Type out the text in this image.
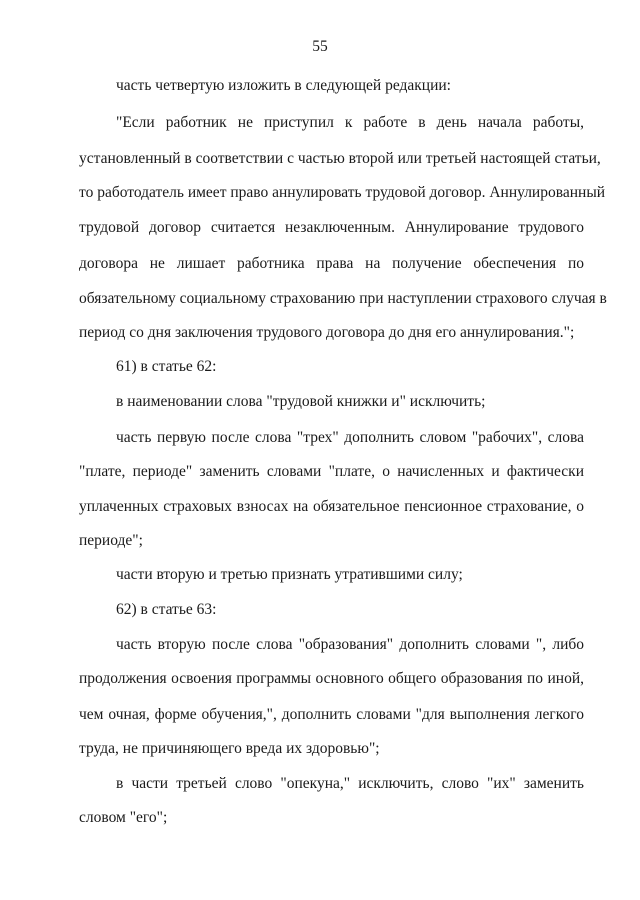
55
часть четвертую изложить в следующей редакции:
"Если работник не приступил к работе в день начала работы,
установленный в соответствии с частью второй или третьей настоящей статьи,
то работодатель имеет право аннулировать трудовой договор. Аннулированный
трудовой договор считается незаключенным. Аннулирование трудового
договора не лишает работника права на получение обеспечения по
обязательному социальному страхованию при наступлении страхового случая в
период со дня заключения трудового договора до дня его аннулирования.";
61) в статье 62:
в наименовании слова "трудовой книжки и" исключить;
часть первую после слова "трех" дополнить словом "рабочих", слова
"плате, периоде" заменить словами "плате, о начисленных и фактически
уплаченных страховых взносах на обязательное пенсионное страхование, о
периоде";
части вторую и третью признать утратившими силу;
62) в статье 63:
часть вторую после слова "образования" дополнить словами ", либо
продолжения освоения программы основного общего образования по иной,
чем очная, форме обучения,", дополнить словами "для выполнения легкого
труда, не причиняющего вреда их здоровью";
в части третьей слово "опекуна," исключить, слово "их" заменить
словом "его";
